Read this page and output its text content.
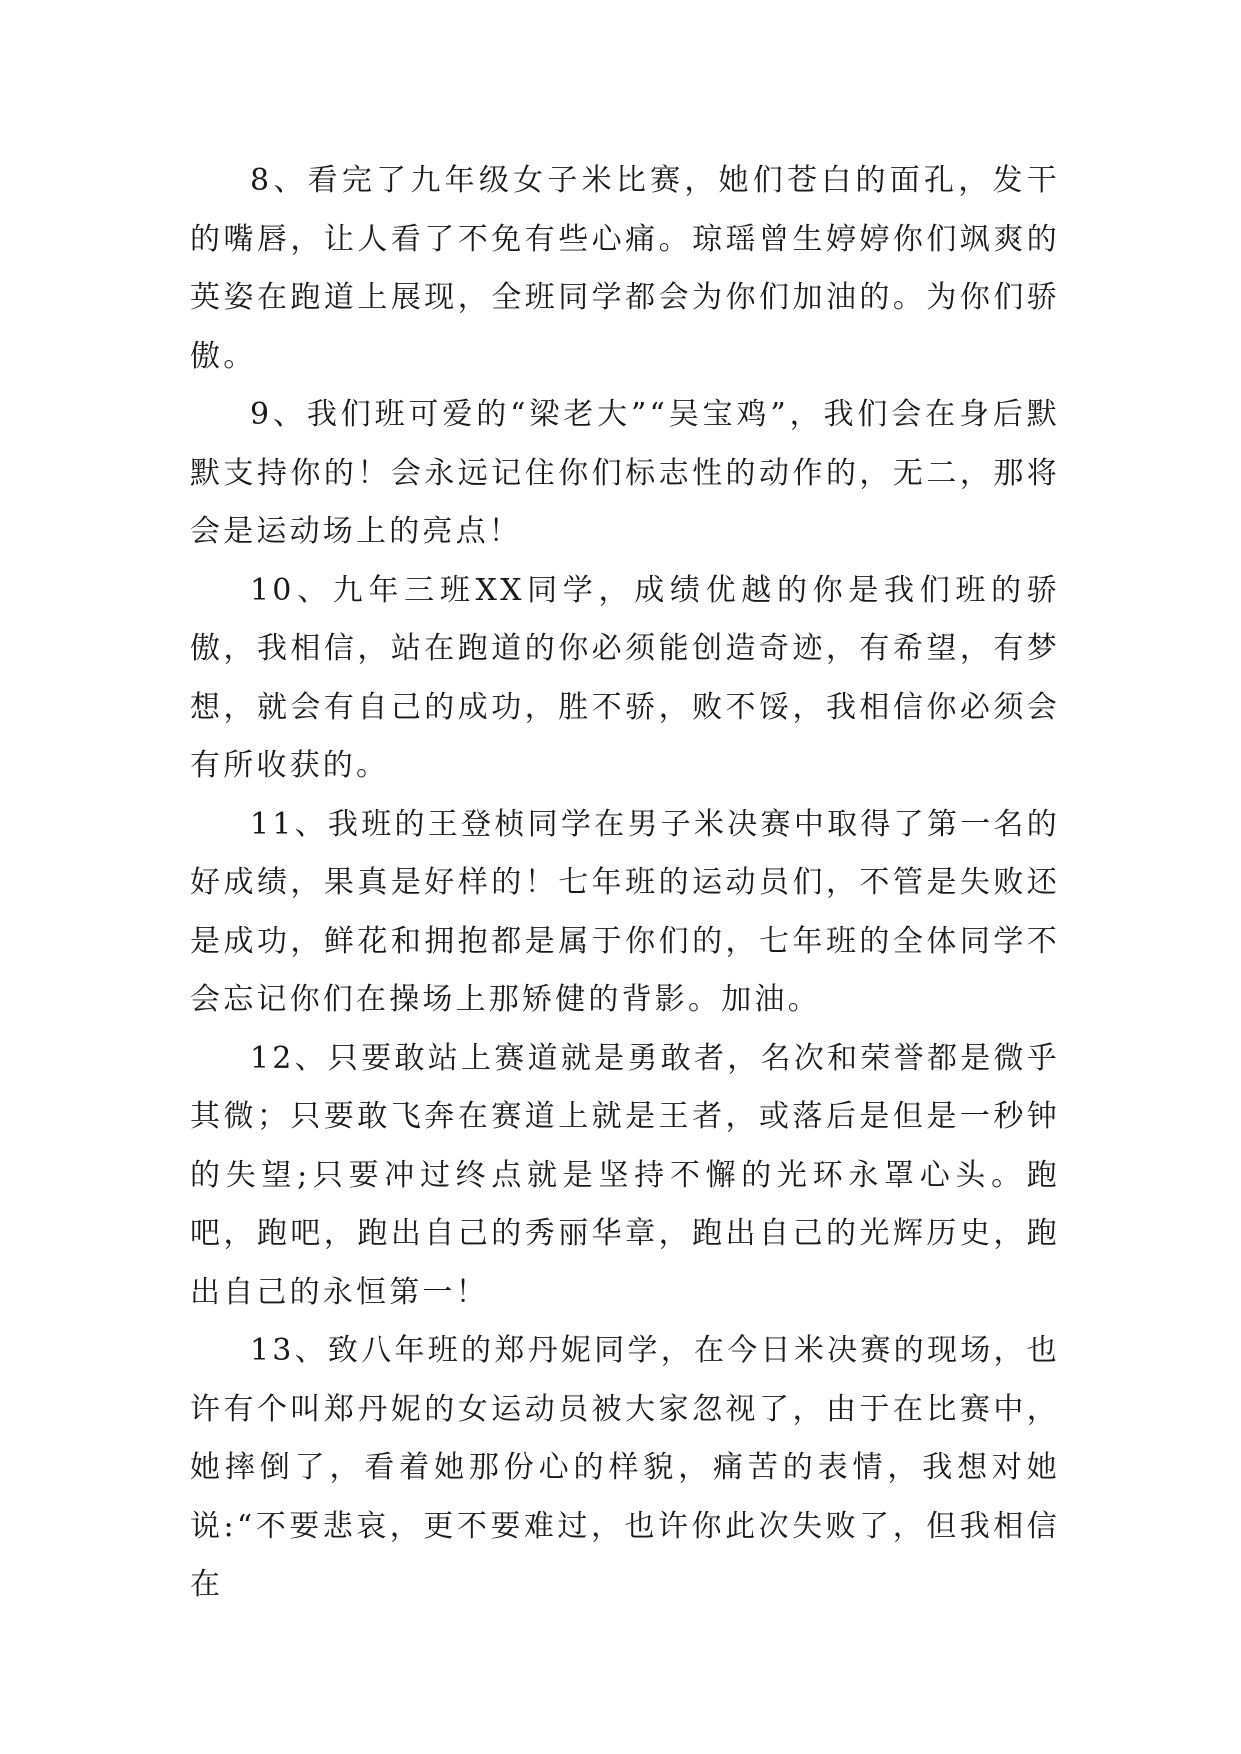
8、看完了九年级女子米比赛，她们苍白的面孔，发干的嘴唇，让人看了不免有些心痛。琼瑶曾生婷婷你们飒爽的英姿在跑道上展现，全班同学都会为你们加油的。为你们骄傲。

9、我们班可爱的“梁老大”“吴宝鸡”，我们会在身后默默支持你的！会永远记住你们标志性的动作的，无二，那将会是运动场上的亮点！

10、九年三班XX同学，成绩优越的你是我们班的骄傲，我相信，站在跑道的你必须能创造奇迹，有希望，有梦想，就会有自己的成功，胜不骄，败不馁，我相信你必须会有所收获的。

11、我班的王登桢同学在男子米决赛中取得了第一名的好成绩，果真是好样的！七年班的运动员们，不管是失败还是成功，鲜花和拥抱都是属于你们的，七年班的全体同学不会忘记你们在操场上那矫健的背影。加油。

12、只要敢站上赛道就是勇敢者，名次和荣誉都是微乎其微；只要敢飞奔在赛道上就是王者，或落后是但是一秒钟的失望;只要冲过终点就是坚持不懈的光环永罩心头。跑吧，跑吧，跑出自己的秀丽华章，跑出自己的光辉历史，跑出自己的永恒第一！

13、致八年班的郑丹妮同学，在今日米决赛的现场，也许有个叫郑丹妮的女运动员被大家忽视了，由于在比赛中，她摔倒了，看着她那份心的样貌，痛苦的表情，我想对她说:“不要悲哀，更不要难过，也许你此次失败了，但我相信在
